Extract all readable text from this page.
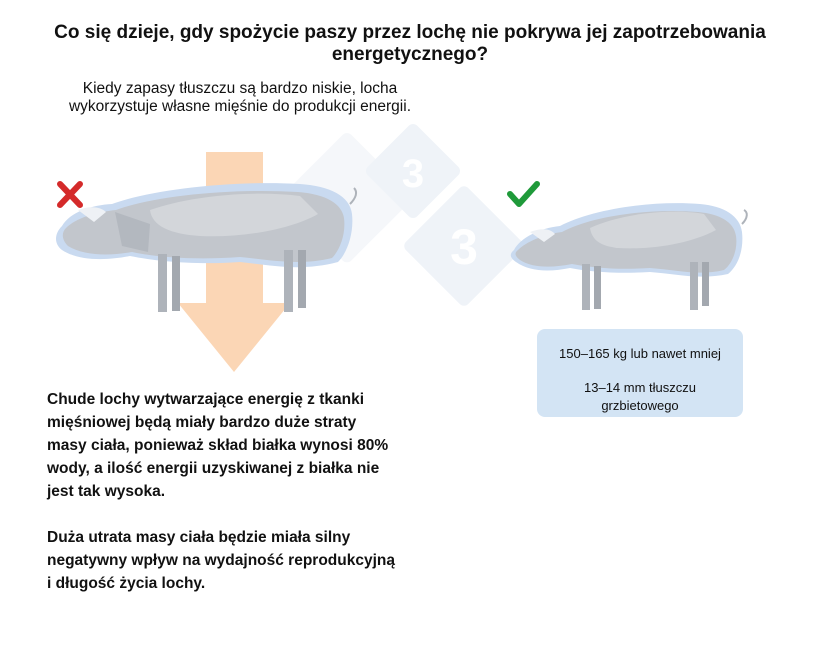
Co się dzieje, gdy spożycie paszy przez lochę nie pokrywa jej zapotrzebowania energetycznego?
Kiedy zapasy tłuszczu są bardzo niskie, locha wykorzystuje własne mięśnie do produkcji energii.
3
3
150–165 kg lub nawet mniej
13–14 mm tłuszczu
grzbietowego
Chude lochy wytwarzające energię z tkanki
mięśniowej będą miały bardzo duże straty
masy ciała, ponieważ skład białka wynosi 80%
wody, a ilość energii uzyskiwanej z białka nie
jest tak wysoka.
Duża utrata masy ciała będzie miała silny
negatywny wpływ na wydajność reprodukcyjną
i długość życia lochy.
